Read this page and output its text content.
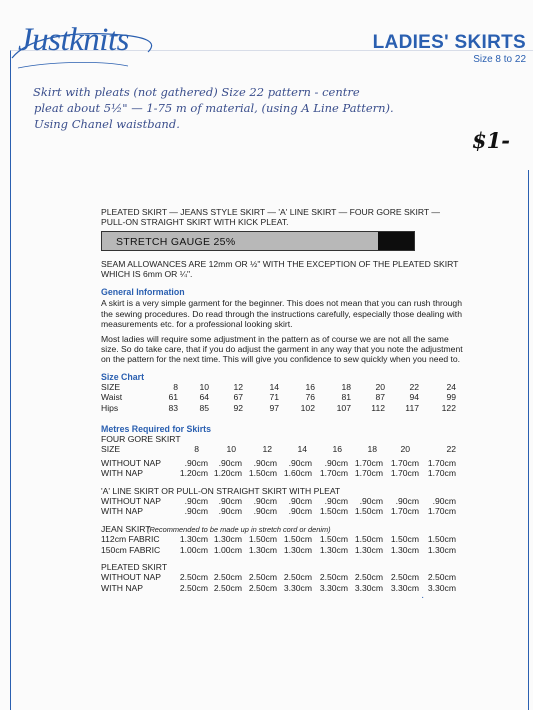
Justknits	LADIES' SKIRTS
Size 8 to 22
Skirt with pleats (not gathered) Size 22 pattern - centre
pleat about 5½" — 1-75 m of material, (using A Line Pattern).
Using Chanel waistband.
$1-
PLEATED SKIRT — JEANS STYLE SKIRT — 'A' LINE SKIRT — FOUR GORE SKIRT —
PULL-ON STRAIGHT SKIRT WITH KICK PLEAT.
STRETCH GAUGE 25%
SEAM ALLOWANCES ARE 12mm OR ½" WITH THE EXCEPTION OF THE PLEATED SKIRT
WHICH IS 6mm OR ¼".
General Information
A skirt is a very simple garment for the beginner. This does not mean that you can rush through
the sewing procedures. Do read through the instructions carefully, especially those dealing with
measurements etc. for a professional looking skirt.
Most ladies will require some adjustment in the pattern as of course we are not all the same
size. So do take care, that if you do adjust the garment in any way that you note the adjustment
on the pattern for the next time. This will give you confidence to sew quickly when you need to.
Size Chart
SIZE	8 10	12	14	16	18	20	22	24
Waist	61 64	67	71	76	81	87	94	99
Hips	83 85	92	97	102	107 112 117	122
Metres Required for Skirts
FOUR GORE SKIRT
SIZE	8	10	12	14	16	18	20	22
WITHOUT NAP	.90cm .90cm .90cm .90cm .90cm 1.70cm 1.70cm 1.70cm
WITH NAP	1.20cm 1.20cm 1.50cm 1.60cm 1.70cm 1.70cm 1.70cm 1.70cm
'A' LINE SKIRT OR PULL-ON STRAIGHT SKIRT WITH PLEAT
WITHOUT NAP	.90cm .90cm .90cm .90cm .90cm .90cm .90cm .90cm
WITH NAP	.90cm .90cm .90cm .90cm 1.50cm 1.50cm 1.70cm 1.70cm
JEAN SKIRT
(Recommended to be made up in stretch cord or denim)
112cm FABRIC 1.30cm 1.30cm 1.50cm 1.50cm 1.50cm 1.50cm 1.50cm 1.50cm
150cm FABRIC 1.00cm 1.00cm 1.30cm 1.30cm 1.30cm 1.30cm 1.30cm 1.30cm
PLEATED SKIRT
WITHOUT NAP 2.50cm 2.50cm 2.50cm 2.50cm 2.50cm 2.50cm 2.50cm 2.50cm
WITH NAP	2.50cm 2.50cm 2.50cm 3.30cm 3.30cm 3.30cm 3.30cm 3.30cm
·
